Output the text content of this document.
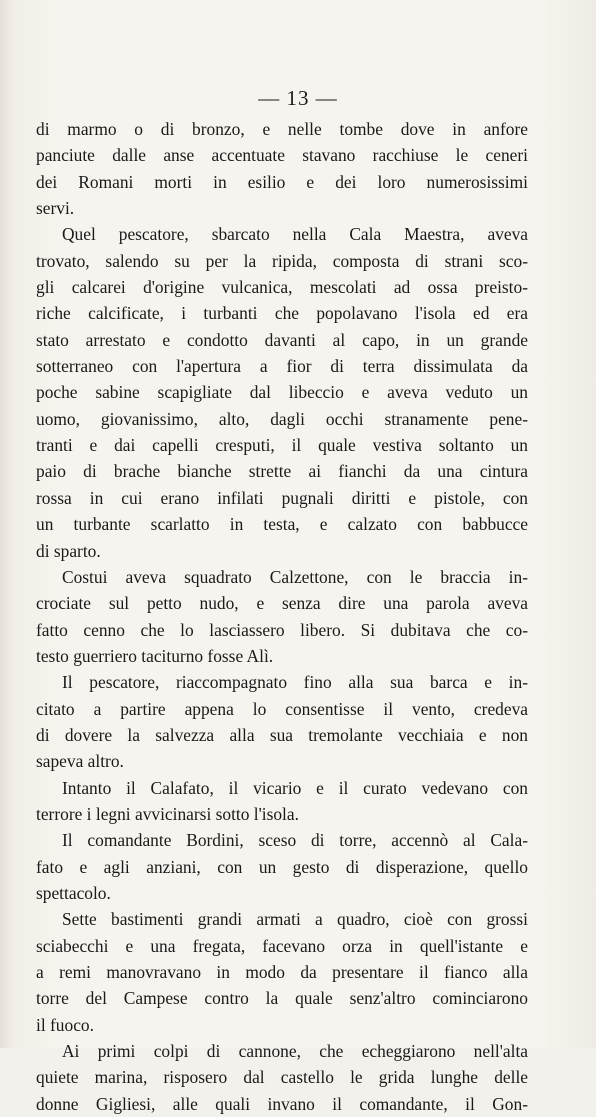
— 13 —
di marmo o di bronzo, e nelle tombe dove in anfore
panciute dalle anse accentuate stavano racchiuse le ceneri
dei Romani morti in esilio e dei loro numerosissimi
servi.
Quel pescatore, sbarcato nella Cala Maestra, aveva
trovato, salendo su per la ripida, composta di strani sco-
gli calcarei d'origine vulcanica, mescolati ad ossa preisto-
riche calcificate, i turbanti che popolavano l'isola ed era
stato arrestato e condotto davanti al capo, in un grande
sotterraneo con l'apertura a fior di terra dissimulata da
poche sabine scapigliate dal libeccio e aveva veduto un
uomo, giovanissimo, alto, dagli occhi stranamente pene-
tranti e dai capelli cresputi, il quale vestiva soltanto un
paio di brache bianche strette ai fianchi da una cintura
rossa in cui erano infilati pugnali diritti e pistole, con
un turbante scarlatto in testa, e calzato con babbucce
di sparto.
Costui aveva squadrato Calzettone, con le braccia in-
crociate sul petto nudo, e senza dire una parola aveva
fatto cenno che lo lasciassero libero. Si dubitava che co-
testo guerriero taciturno fosse Alì.
Il pescatore, riaccompagnato fino alla sua barca e in-
citato a partire appena lo consentisse il vento, credeva
di dovere la salvezza alla sua tremolante vecchiaia e non
sapeva altro.
Intanto il Calafato, il vicario e il curato vedevano con
terrore i legni avvicinarsi sotto l'isola.
Il comandante Bordini, sceso di torre, accennò al Cala-
fato e agli anziani, con un gesto di disperazione, quello
spettacolo.
Sette bastimenti grandi armati a quadro, cioè con grossi
sciabecchi e una fregata, facevano orza in quell'istante e
a remi manovravano in modo da presentare il fianco alla
torre del Campese contro la quale senz'altro cominciarono
il fuoco.
Ai primi colpi di cannone, che echeggiarono nell'alta
quiete marina, risposero dal castello le grida lunghe delle
donne Gigliesi, alle quali invano il comandante, il Gon-
